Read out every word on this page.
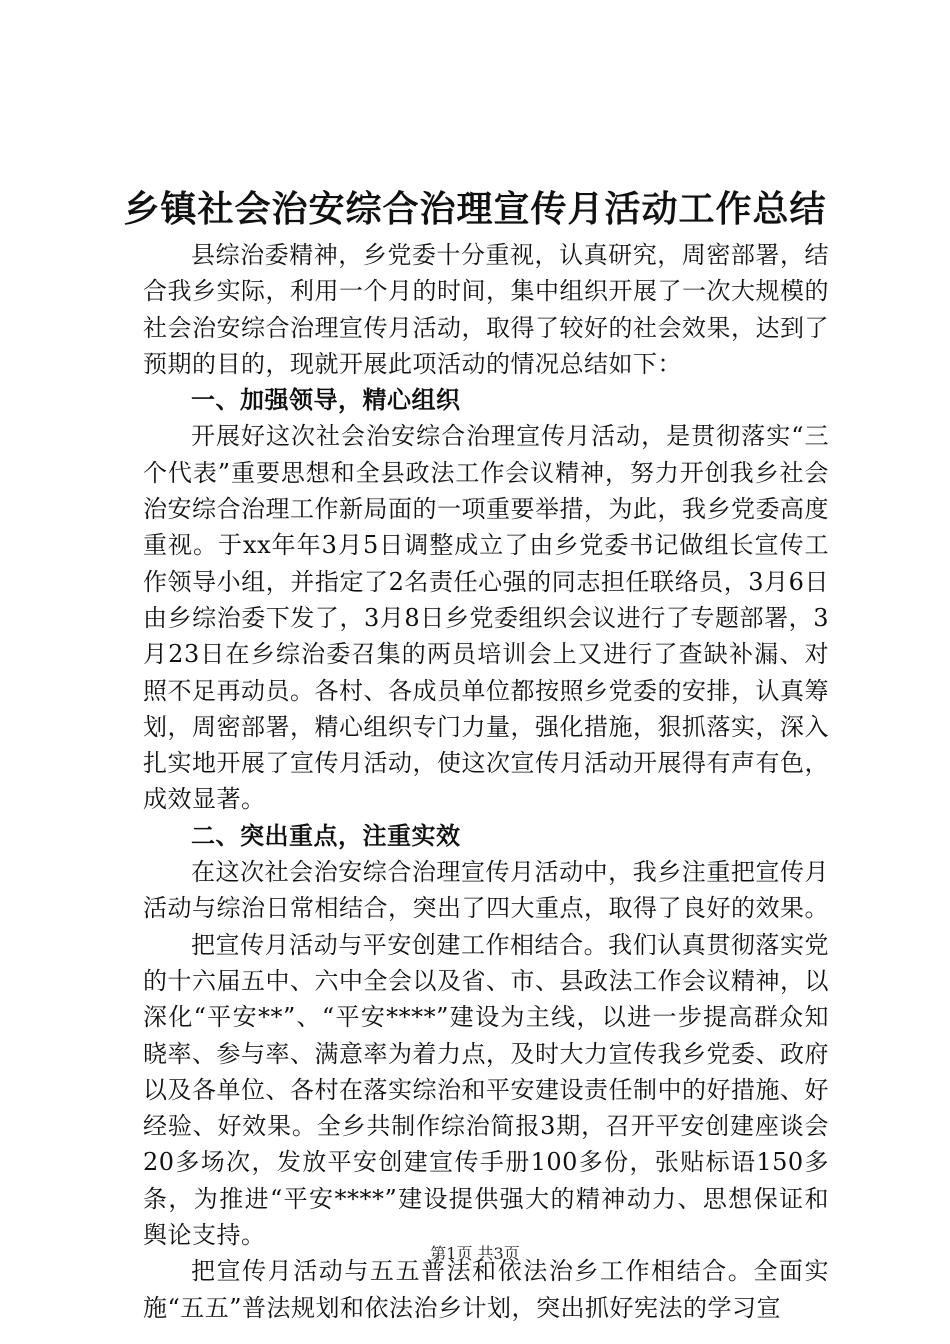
乡镇社会治安综合治理宣传月活动工作总结

县综治委精神，乡党委十分重视，认真研究，周密部署，结合我乡实际，利用一个月的时间，集中组织开展了一次大规模的社会治安综合治理宣传月活动，取得了较好的社会效果，达到了预期的目的，现就开展此项活动的情况总结如下：

一、加强领导，精心组织

开展好这次社会治安综合治理宣传月活动，是贯彻落实“三个代表”重要思想和全县政法工作会议精神，努力开创我乡社会治安综合治理工作新局面的一项重要举措，为此，我乡党委高度重视。于xx年年3月5日调整成立了由乡党委书记做组长宣传工作领导小组，并指定了2名责任心强的同志担任联络员，3月6日由乡综治委下发了，3月8日乡党委组织会议进行了专题部署，3月23日在乡综治委召集的两员培训会上又进行了查缺补漏、对照不足再动员。各村、各成员单位都按照乡党委的安排，认真筹划，周密部署，精心组织专门力量，强化措施，狠抓落实，深入扎实地开展了宣传月活动，使这次宣传月活动开展得有声有色，成效显著。

二、突出重点，注重实效

在这次社会治安综合治理宣传月活动中，我乡注重把宣传月活动与综治日常相结合，突出了四大重点，取得了良好的效果。

把宣传月活动与平安创建工作相结合。我们认真贯彻落实党的十六届五中、六中全会以及省、市、县政法工作会议精神，以深化“平安**”、“平安****”建设为主线，以进一步提高群众知晓率、参与率、满意率为着力点，及时大力宣传我乡党委、政府以及各单位、各村在落实综治和平安建设责任制中的好措施、好经验、好效果。全乡共制作综治简报3期，召开平安创建座谈会20多场次，发放平安创建宣传手册100多份，张贴标语150多条，为推进“平安****”建设提供强大的精神动力、思想保证和舆论支持。

把宣传月活动与五五普法和依法治乡工作相结合。全面实施“五五”普法规划和依法治乡计划，突出抓好宪法的学习宣

第1页 共3页
